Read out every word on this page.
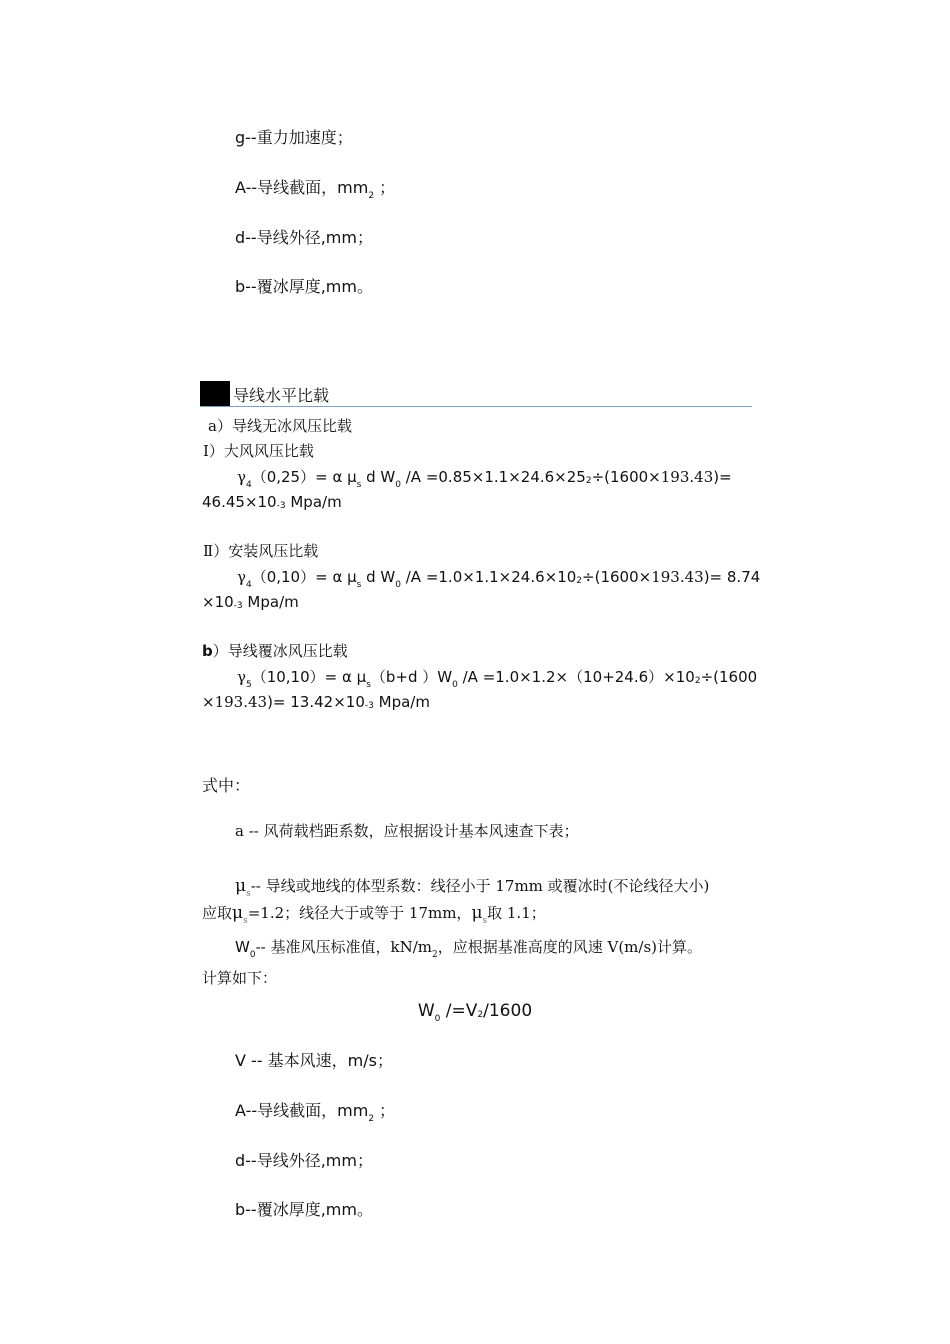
g--重力加速度；
A--导线截面，$mm_2$ ；
d--导线外径,mm；
b--覆冰厚度,mm。
导线水平比载
a）导线无冰风压比载
Ⅰ）大风风压比载
$\gamma_4(0,25)= \alpha$ $\mu_s$ d $W_0$ $/A =0.85\times 1.1\times 24.6\times 25^2\div(1600\times 193.43)=$
$46.45\times 10^{-3}$ Mpa/m
Ⅱ）安装风压比载
$\gamma_4(0,10)= \alpha$ $\mu_s$ d $W_0$ $/A =1.0\times 1.1\times 24.6\times 10^2\div(1600\times 193.43)= 8.74$
$\times 10^{-3}$ Mpa/m
b）导线覆冰风压比载
$\gamma_5(10,10)= \alpha$ $\mu_s(b+d$ ）$W_0$ $/A =1.0\times 1.2\times(10+24.6)\times 10^2\div(1600$
$\times 193.43)= 13.42\times 10^{-3}$ Mpa/m
式中：
a -- 风荷载档距系数，应根据设计基本风速查下表；
$\mu_s--$ 导线或地线的体型系数：线径小于 17mm 或覆冰时(不论线径大小)
应取$\mu_s=1.2$；线径大于或等于 17mm，$\mu_s$取 1.1；
$W_0--$ 基准风压标准值，$kN/m_2$，应根据基准高度的风速 V(m/s)计算。
计算如下：
$W_0$ $/=V^2/1600$
V -- 基本风速，m/s；
A--导线截面，$mm_2$ ；
d--导线外径,mm；
b--覆冰厚度,mm。
